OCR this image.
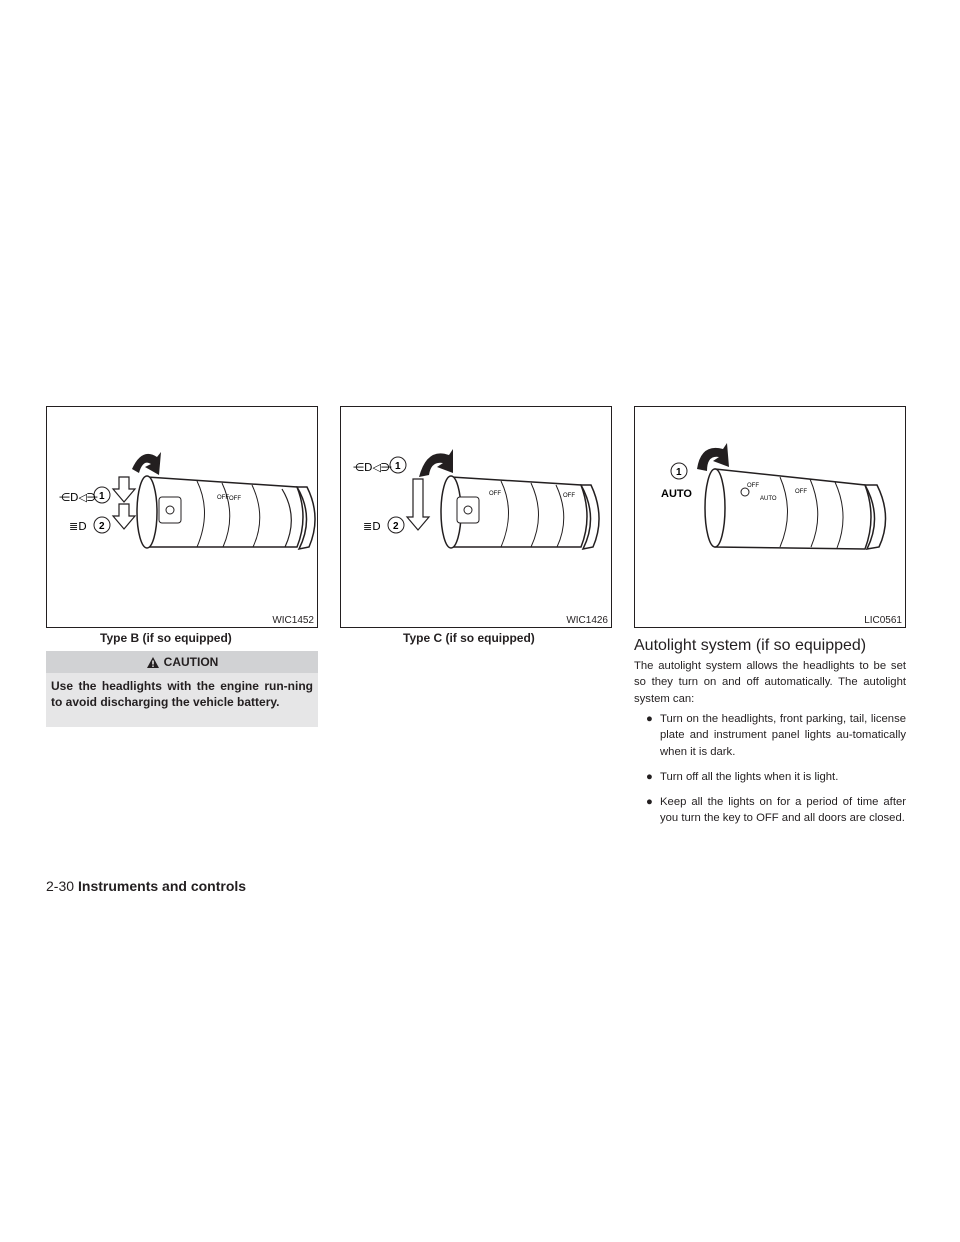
OFF OFF
1
2
⋲D◁⋺
≣D
WIC1452
Type B (if so equipped)
OFF	OFF
1
2
⋲D◁⋺
≣D
WIC1426
Type C (if so equipped)
OFF
AUTO
OFF
1
AUTO
LIC0561
CAUTION
Use the headlights with the engine run-ning to avoid discharging the vehicle battery.
Autolight system (if so equipped)
The autolight system allows the headlights to be set so they turn on and off automatically. The autolight system can:
● Turn on the headlights, front parking, tail, license plate and instrument panel lights au-tomatically when it is dark.
● Turn off all the lights when it is light.
● Keep all the lights on for a period of time after you turn the key to OFF and all doors are closed.
2-30 Instruments and controls
